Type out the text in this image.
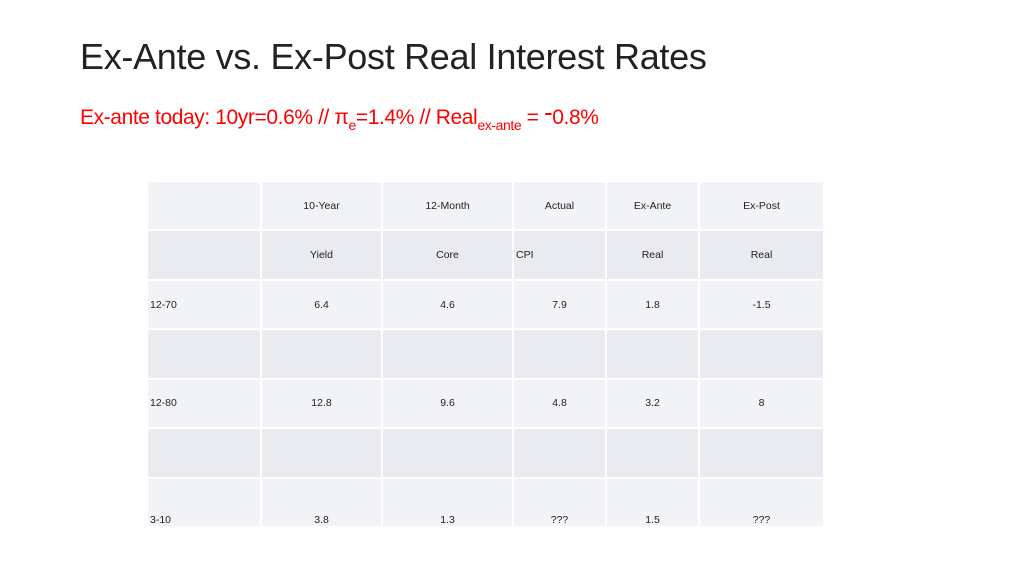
Ex-Ante vs. Ex-Post Real Interest Rates
Ex-ante today: $10yr=0.6\% // \pi_e=1.4\%$ // Real$_{ex-ante}$ = -0.8%
	10-Year	12-Month	Actual	Ex-Ante	Ex-Post
	Yield	Core	CPI	Real	Real
12-70	6.4	4.6	7.9	1.8	-1.5

12-80	12.8	9.6	4.8	3.2	8

3-10	3.8	1.3	???	1.5	???
